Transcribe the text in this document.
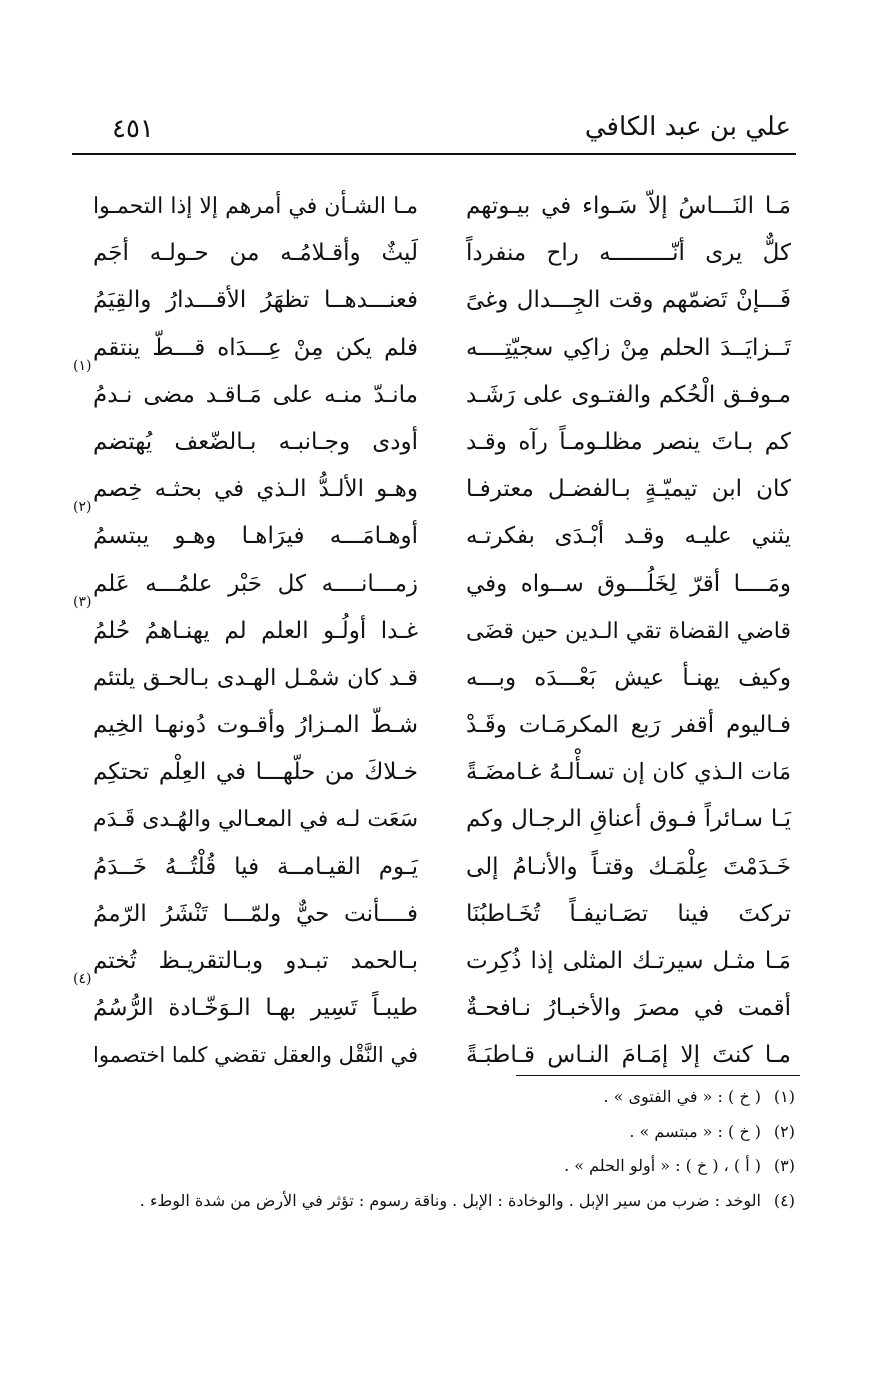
علي بن عبد الكافي
٤٥١
مَـا النَـــاسُ إلاّ سَـواء في بيـوتهم
كلٌّ يرى أنّـــــــــه راح منفرداً
فَـــإنْ تَضمّهم وقت الجِـــدال وغىً
تَــزايَــدَ الحلم مِنْ زاكِي سجيّتِــــه
مـوفـق الْحُكم والفتـوى على رَشَـد
كم بـاتَ ينصر مظلـومـاً رآه وقـد
كان ابن تيميّـةٍ بـالفضـل معترفـا
يثني عليـه وقـد أبْـدَى بفكرتـه
ومَــــا أقرّ لِخَلُـــوق ســواه وفي
قاضي القضاة تقي الـدين حين قضَى
وكيف يهنـأ عيش بَعْـــدَه وبـــه
فـاليوم أقفر رَبع المكرمَـات وقَـدْ
مَات الـذي كان إن تسـأْلـهُ غـامضَـةً
يَـا سـائراً فـوق أعناقِ الرجـال وكم
خَـدَمْتَ عِلْمَـك وقتـاً والأنـامُ إلى
تركتَ فينا تصَـانيفـاً تُخَـاطبُنَا
مَـا مثـل سيرتـك المثلى إذا ذُكِرت
أقمت في مصرَ والأخبـارُ نـافحـةٌ
مـا كنتَ إلا إمَـامَ النـاس قـاطبَـةً
مـا الشـأن في أمرهم إلا إذا التحمـوا
لَيثٌ وأقـلامُـه من حـولـه أجَم
فعنـــدهــا تظهَرُ الأقـــدارُ والقِيَمُ
فلم يكن مِنْ عِـــدَاه قـــطّ ينتقم
مانـدّ منـه على مَـاقـد مضى نـدمُ
(١)
أودى وجـانبـه بـالضّعف يُهتضم
وهـو الألـدُّ الـذي في بحثـه خِصم
أوهـامَـــه فيرَاهـا وهـو يبتسمُ
(٢)
زمـــانــــه كل حَبْر علمُـــه عَلم
غـدا أولُـو العلم لم يهنـاهمُ حُلمُ
(٣)
قـد كان شمْـل الهـدى بـالحـق يلتئم
شـطّ المـزارُ وأقـوت دُونهـا الخِيم
خـلاكَ من حلّهـــا في العِلْم تحتكِم
سَعَت لـه في المعـالي والهُـدى قَـدَم
يَـوم القيـامــة فيا قُلْتُــهُ خَــدَمُ
فــــأنت حيٌّ ولمّـــا تَنْشَرُ الرّممُ
بـالحمد تبـدو وبـالتقريـظ تُختم
طيبـاً تَسِير بهـا الـوَخّـادة الرُّسُمُ
(٤)
في النَّقْل والعقل تقضي كلما اختصموا
(١)( خ ) : « في الفتوى » .
(٢)( خ ) : « مبتسم » .
(٣)( أ ) ، ( خ ) : « أولو الحلم » .
(٤)الوخد : ضرب من سير الإبل . والوخادة : الإبل . وناقة رسوم : تؤثر في الأرض من شدة الوطء .
